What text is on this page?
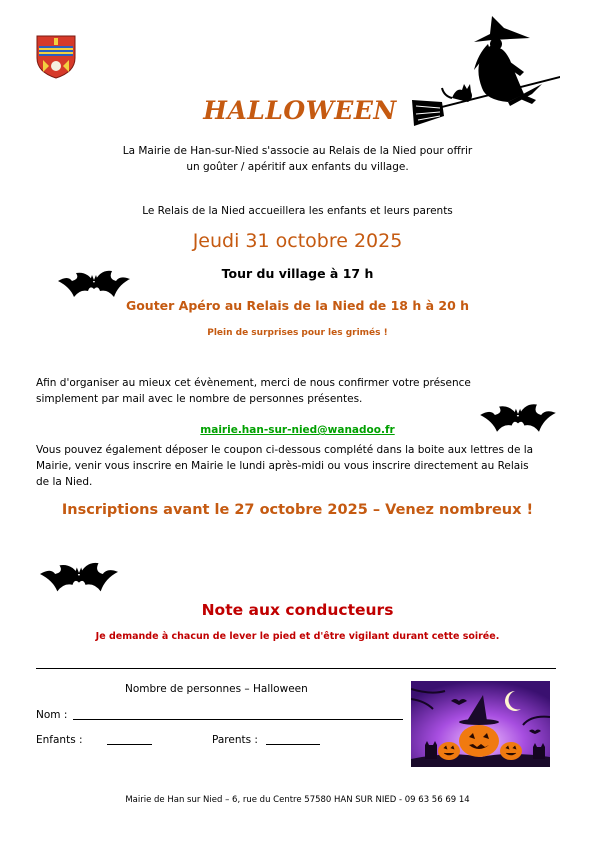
HALLOWEEN
La Mairie de Han-sur-Nied s'associe au Relais de la Nied pour offrir
un goûter / apéritif aux enfants du village.
Le Relais de la Nied accueillera les enfants et leurs parents
Jeudi 31 octobre 2025
Tour du village à 17 h
Gouter Apéro au Relais de la Nied de 18 h à 20 h
Plein de surprises pour les grimés !
Afin d'organiser au mieux cet évènement, merci de nous confirmer votre présence
simplement par mail avec le nombre de personnes présentes.
mairie.han-sur-nied@wanadoo.fr
Vous pouvez également déposer le coupon ci-dessous complété dans la boite aux lettres de la
Mairie, venir vous inscrire en Mairie le lundi après-midi ou vous inscrire directement au Relais
de la Nied.
Inscriptions avant le 27 octobre 2025 – Venez nombreux !
Note aux conducteurs
Je demande à chacun de lever le pied et d'être vigilant durant cette soirée.
Nombre de personnes – Halloween
Nom :
Enfants :	Parents :
Mairie de Han sur Nied – 6, rue du Centre 57580 HAN SUR NIED - 09 63 56 69 14
